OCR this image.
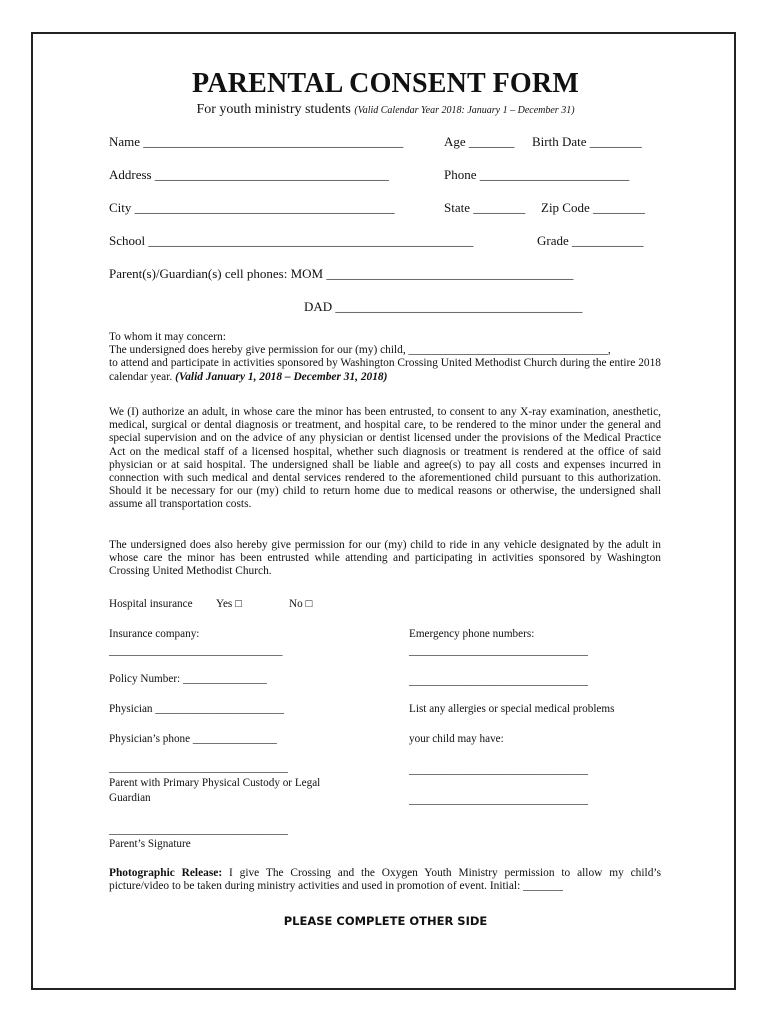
PARENTAL CONSENT FORM
For youth ministry students (Valid Calendar Year 2018: January 1 – December 31)
Name ________________________________________	Age _______ Birth Date ________
Address ____________________________________	Phone _______________________
City ________________________________________	State ________ Zip Code ________
School __________________________________________________	Grade ___________
Parent(s)/Guardian(s) cell phones: MOM ______________________________________
DAD ______________________________________
To whom it may concern:
The undersigned does hereby give permission for our (my) child, ___________________________________,
to attend and participate in activities sponsored by Washington Crossing United Methodist Church during the entire 2018 calendar year. (Valid January 1, 2018 – December 31, 2018)
We (I) authorize an adult, in whose care the minor has been entrusted, to consent to any X-ray examination, anesthetic, medical, surgical or dental diagnosis or treatment, and hospital care, to be rendered to the minor under the general and special supervision and on the advice of any physician or dentist licensed under the provisions of the Medical Practice Act on the medical staff of a licensed hospital, whether such diagnosis or treatment is rendered at the office of said physician or at said hospital. The undersigned shall be liable and agree(s) to pay all costs and expenses incurred in connection with such medical and dental services rendered to the aforementioned child pursuant to this authorization. Should it be necessary for our (my) child to return home due to medical reasons or otherwise, the undersigned shall assume all transportation costs.
The undersigned does also hereby give permission for our (my) child to ride in any vehicle designated by the adult in whose care the minor has been entrusted while attending and participating in activities sponsored by Washington Crossing United Methodist Church.
Hospital insurance Yes □	No □
Insurance company:
_______________________________
Policy Number: _______________
Physician _______________________
Physician’s phone _______________
Emergency phone numbers:
________________________________
________________________________
List any allergies or special medical problems
your child may have:
________________________________
________________________________
________________________________
Parent with Primary Physical Custody or Legal
Guardian
________________________________
Parent’s Signature
Photographic Release: I give The Crossing and the Oxygen Youth Ministry permission to allow my child’s picture/video to be taken during ministry activities and used in promotion of event. Initial: _______
PLEASE COMPLETE OTHER SIDE
